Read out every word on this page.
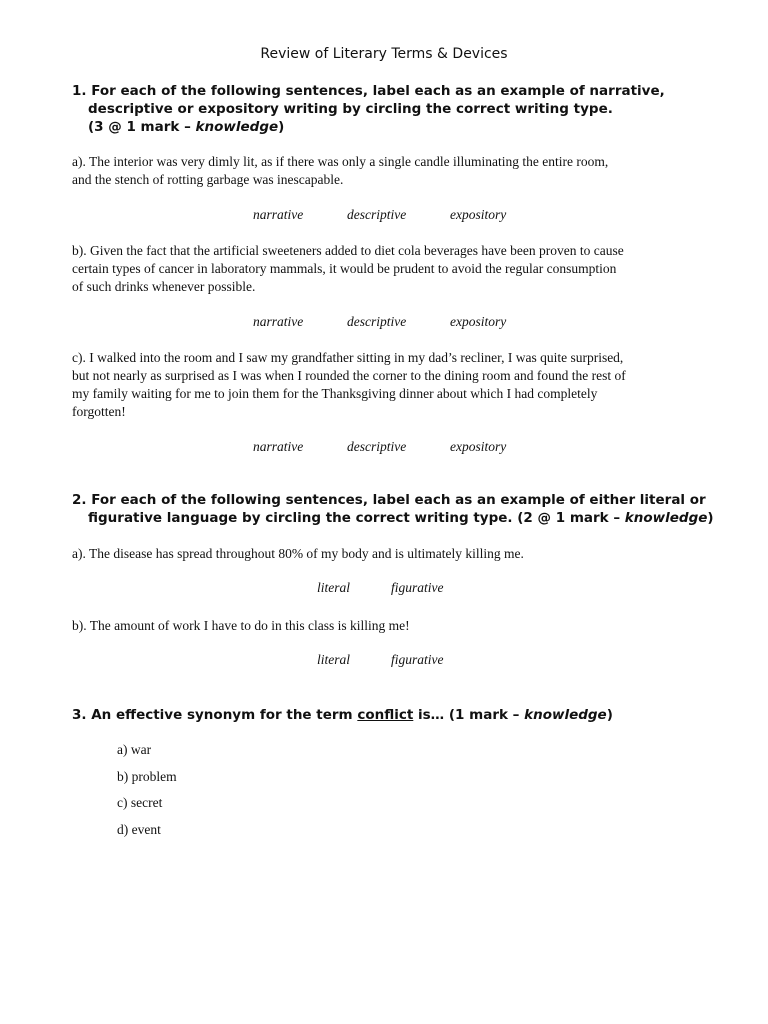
Review of Literary Terms & Devices
1. For each of the following sentences, label each as an example of narrative,
descriptive or expository writing by circling the correct writing type.
(3 @ 1 mark – knowledge)
a). The interior was very dimly lit, as if there was only a single candle illuminating the entire room,
and the stench of rotting garbage was inescapable.
narrative	descriptive	expository
b). Given the fact that the artificial sweeteners added to diet cola beverages have been proven to cause
certain types of cancer in laboratory mammals, it would be prudent to avoid the regular consumption
of such drinks whenever possible.
narrative	descriptive	expository
c). I walked into the room and I saw my grandfather sitting in my dad’s recliner, I was quite surprised,
but not nearly as surprised as I was when I rounded the corner to the dining room and found the rest of
my family waiting for me to join them for the Thanksgiving dinner about which I had completely
forgotten!
narrative	descriptive	expository
2. For each of the following sentences, label each as an example of either literal or
figurative language by circling the correct writing type. (2 @ 1 mark – knowledge)
a). The disease has spread throughout 80% of my body and is ultimately killing me.
literal	figurative
b). The amount of work I have to do in this class is killing me!
literal	figurative
3. An effective synonym for the term conflict is… (1 mark – knowledge)
a) war
b) problem
c) secret
d) event
